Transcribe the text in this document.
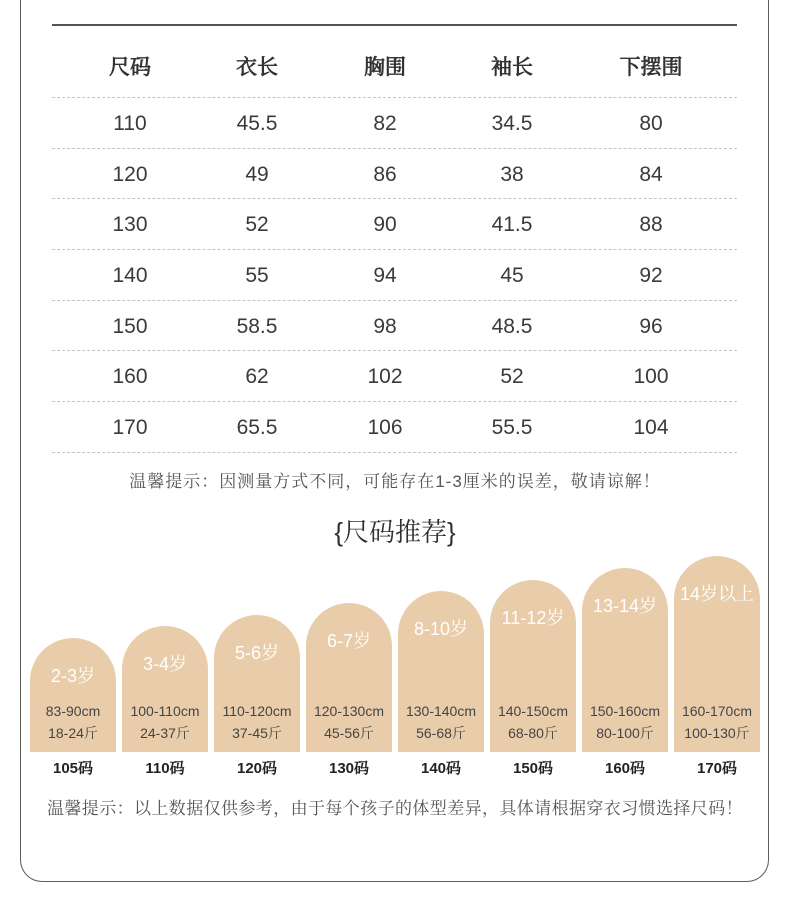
尺码	衣长	胸围	袖长	下摆围
110	45.5	82	34.5	80
120	49	86	38	84
130	52	90	41.5	88
140	55	94	45	92
150	58.5	98	48.5	96
160	62	102	52	100
170	65.5	106	55.5	104
温馨提示：因测量方式不同，可能存在1-3厘米的误差，敬请谅解！
{尺码推荐}
2-3岁
83-90cm
18-24斤
105码
3-4岁
100-110cm
24-37斤
110码
5-6岁
110-120cm
37-45斤
120码
6-7岁
120-130cm
45-56斤
130码
8-10岁
130-140cm
56-68斤
140码
11-12岁
140-150cm
68-80斤
150码
13-14岁
150-160cm
80-100斤
160码
14岁以上
160-170cm
100-130斤
170码
温馨提示：以上数据仅供参考，由于每个孩子的体型差异，具体请根据穿衣习惯选择尺码！
